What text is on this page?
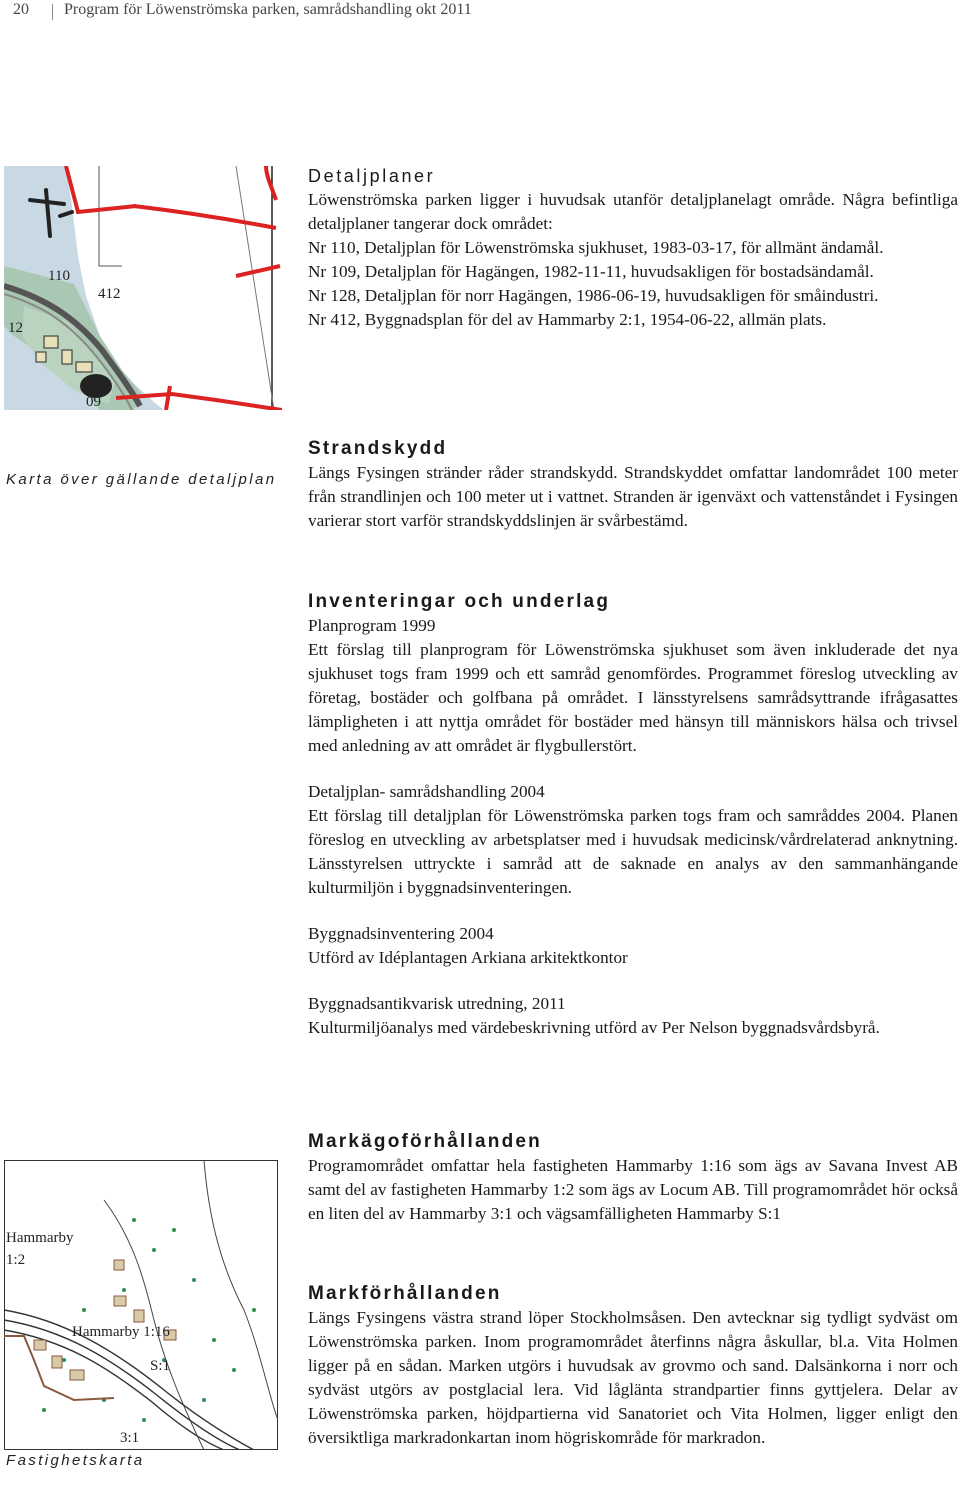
20 Program för Löwenströmska parken, samrådshandling okt 2011
110
412
12
09
Karta över gällande detaljplan
Hammarby
1:2
Hammarby 1:16
S:1
3:1
Fastighetskarta
Detaljplaner

Löwenströmska parken ligger i huvudsak utanför detaljplanelagt område. Några befintliga detaljplaner tangerar dock området:

Nr 110, Detaljplan för Löwenströmska sjukhuset, 1983-03-17, för allmänt ändamål.

Nr 109, Detaljplan för Hagängen, 1982-11-11, huvudsakligen för bostadsändamål.

Nr 128, Detaljplan för norr Hagängen, 1986-06-19, huvudsakligen för småindustri.

Nr 412, Byggnadsplan för del av Hammarby 2:1, 1954-06-22, allmän plats.

Strandskydd

Längs Fysingen stränder råder strandskydd. Strandskyddet omfattar landområdet 100 meter från strandlinjen och 100 meter ut i vattnet. Stranden är igenväxt och vattenståndet i Fysingen varierar stort varför strandskyddslinjen är svårbestämd.

Inventeringar och underlag

Planprogram 1999

Ett förslag till planprogram för Löwenströmska sjukhuset som även inkluderade det nya sjukhuset togs fram 1999 och ett samråd genomfördes. Programmet föreslog utveckling av företag, bostäder och golfbana på området. I länsstyrelsens samrådsyttrande ifrågasattes lämpligheten i att nyttja området för bostäder med hänsyn till människors hälsa och trivsel med anledning av att området är flygbullerstört.

Detaljplan- samrådshandling 2004

Ett förslag till detaljplan för Löwenströmska parken togs fram och samråddes 2004. Planen föreslog en utveckling av arbetsplatser med i huvudsak medicinsk/vårdrelaterad anknytning. Länsstyrelsen uttryckte i samråd att de saknade en analys av den sammanhängande kulturmiljön i byggnadsinventeringen.

Byggnadsinventering 2004

Utförd av Idéplantagen Arkiana arkitektkontor

Byggnadsantikvarisk utredning, 2011

Kulturmiljöanalys med värdebeskrivning utförd av Per Nelson byggnadsvårdsbyrå.

Markägoförhållanden

Programområdet omfattar hela fastigheten Hammarby 1:16 som ägs av Savana Invest AB samt del av fastigheten Hammarby 1:2 som ägs av Locum AB. Till programområdet hör också en liten del av Hammarby 3:1 och vägsamfälligheten Hammarby S:1

Markförhållanden

Längs Fysingens västra strand löper Stockholmsåsen. Den avtecknar sig tydligt sydväst om Löwenströmska parken. Inom programområdet återfinns några åskullar, bl.a. Vita Holmen ligger på en sådan. Marken utgörs i huvudsak av grovmo och sand. Dalsänkorna i norr och sydväst utgörs av postglacial lera. Vid låglänta strandpartier finns gyttjelera. Delar av Löwenströmska parken, höjdpartierna vid Sanatoriet och Vita Holmen, ligger enligt den översiktliga markradonkartan inom högriskområde för markradon.
